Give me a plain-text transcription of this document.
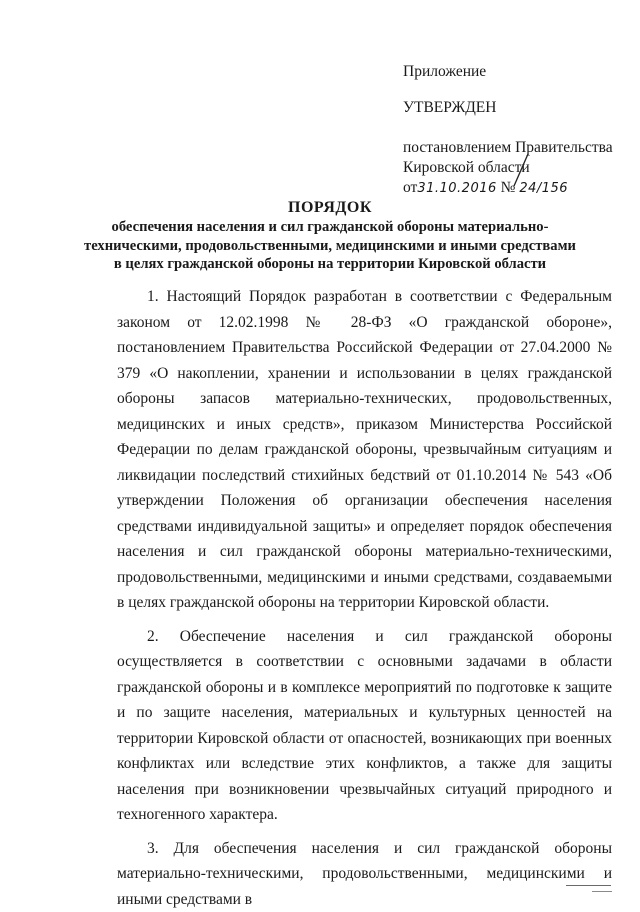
Приложение
УТВЕРЖДЕН
постановлением Правительства
Кировской области
от31.10.2016 № 24/156
ПОРЯДОК
обеспечения населения и сил гражданской обороны материально-
техническими, продовольственными, медицинскими и иными средствами
в целях гражданской обороны на территории Кировской области

1. Настоящий Порядок разработан в соответствии с Федеральным законом от 12.02.1998 № 28-ФЗ «О гражданской обороне», постановлением Правительства Российской Федерации от 27.04.2000 № 379 «О накоплении, хранении и использовании в целях гражданской обороны запасов материально-технических, продовольственных, медицинских и иных средств», приказом Министерства Российской Федерации по делам гражданской обороны, чрезвычайным ситуациям и ликвидации последствий стихийных бедствий от 01.10.2014 № 543 «Об утверждении Положения об организации обеспечения населения средствами индивидуальной защиты» и определяет порядок обеспечения населения и сил гражданской обороны материально-техническими, продовольственными, медицинскими и иными средствами, создаваемыми в целях гражданской обороны на территории Кировской области.

2. Обеспечение населения и сил гражданской обороны осуществляется в соответствии с основными задачами в области гражданской обороны и в комплексе мероприятий по подготовке к защите и по защите населения, материальных и культурных ценностей на территории Кировской области от опасностей, возникающих при военных конфликтах или вследствие этих конфликтов, а также для защиты населения при возникновении чрезвычайных ситуаций природного и техногенного характера.

3. Для обеспечения населения и сил гражданской обороны материально-техническими, продовольственными, медицинскими и иными средствами в
